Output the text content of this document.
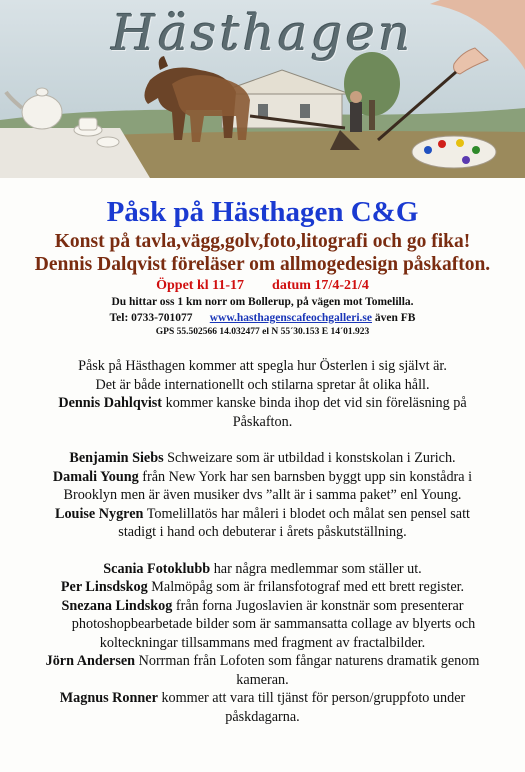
Hästhagen
Påsk på Hästhagen C&G
Konst på tavla,vägg,golv,foto,litografi och go fika!
Dennis Dalqvist föreläser om allmogedesign påskafton.
Öppet kl 11-17 datum 17/4-21/4
Du hittar oss 1 km norr om Bollerup, på vägen mot Tomelilla.
Tel: 0733-701077 www.hasthagenscafeochgalleri.se även FB
GPS 55.502566 14.032477 el N 55´30.153 E 14´01.923

Påsk på Hästhagen kommer att spegla hur Österlen i sig självt är.

Det är både internationellt och stilarna spretar åt olika håll.

Dennis Dahlqvist kommer kanske binda ihop det vid sin föreläsning på

Påskafton.

Benjamin Siebs Schweizare som är utbildad i konstskolan i Zurich.

Damali Young från New York har sen barnsben byggt upp sin konstådra i

Brooklyn men är även musiker dvs ”allt är i samma paket” enl Young.

Louise Nygren Tomelillatös har måleri i blodet och målat sen pensel satt

stadigt i hand och debuterar i årets påskutställning.

Scania Fotoklubb har några medlemmar som ställer ut.

Per Linsdskog Malmöpåg som är frilansfotograf med ett brett register.

Snezana Lindskog från forna Jugoslavien är konstnär som presenterar

photoshopbearbetade bilder som är sammansatta collage av blyerts och

kolteckningar tillsammans med fragment av fractalbilder.

Jörn Andersen Norrman från Lofoten som fångar naturens dramatik genom

kameran.

Magnus Ronner kommer att vara till tjänst för person/gruppfoto under

påskdagarna.
